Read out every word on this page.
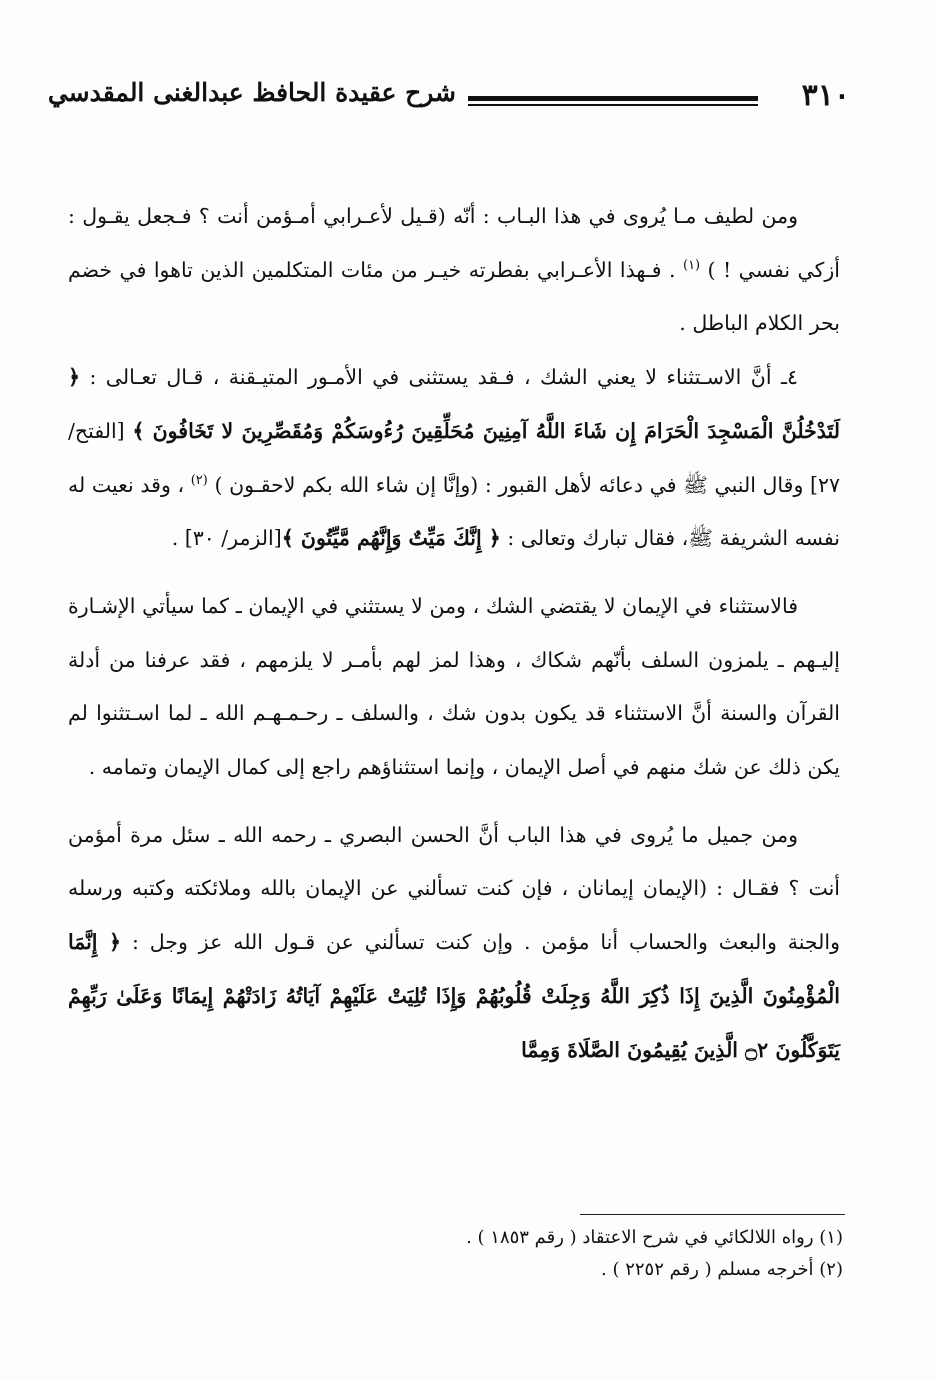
٣١٠
شرح عقيدة الحافظ عبدالغنى المقدسي

ومن لطيف مـا يُروى في هذا البـاب : أنّه (قـيل لأعـرابي أمـؤمن أنت ؟ فـجعل يقـول : أزكي نفسي ! ) $^{(١)}$ . فـهذا الأعـرابي بفطرته خيـر من مئات المتكلمين الذين تاهوا في خضم بحر الكلام الباطل .

٤ـ أنَّ الاسـتثناء لا يعني الشك ، فـقد يستثنى في الأمـور المتيـقنة ، قـال تعـالى : ﴿ لَتَدْخُلُنَّ الْمَسْجِدَ الْحَرَامَ إِن شَاءَ اللَّهُ آمِنِينَ مُحَلِّقِينَ رُءُوسَكُمْ وَمُقَصِّرِينَ لا تَخَافُونَ ﴾ [الفتح/ ٢٧] وقال النبي ﷺ في دعائه لأهل القبور : (وإنَّا إن شاء الله بكم لاحقـون ) $^{(٢)}$ ، وقد نعيت له نفسه الشريفة ﷺ، فقال تبارك وتعالى : ﴿ إِنَّكَ مَيِّتٌ وَإِنَّهُم مَّيِّتُونَ ﴾[الزمر/ ٣٠] .

فالاستثناء في الإيمان لا يقتضي الشك ، ومن لا يستثني في الإيمان ـ كما سيأتي الإشـارة إليـهم ـ يلمزون السلف بأنّهم شكاك ، وهذا لمز لهم بأمـر لا يلزمهم ، فقد عرفنا من أدلة القرآن والسنة أنَّ الاستثناء قد يكون بدون شك ، والسلف ـ رحـمـهـم الله ـ لما اسـتثنوا لم يكن ذلك عن شك منهم في أصل الإيمان ، وإنما استثناؤهم راجع إلى كمال الإيمان وتمامه .

ومن جميل ما يُروى في هذا الباب أنَّ الحسن البصري ـ رحمه الله ـ سئل مرة أمؤمن أنت ؟ فقـال : (الإيمان إيمانان ، فإن كنت تسألني عن الإيمان بالله وملائكته وكتبه ورسله والجنة والبعث والحساب أنا مؤمن . وإن كنت تسألني عن قـول الله عز وجل : ﴿ إِنَّمَا الْمُؤْمِنُونَ الَّذِينَ إِذَا ذُكِرَ اللَّهُ وَجِلَتْ قُلُوبُهُمْ وَإِذَا تُلِيَتْ عَلَيْهِمْ آيَاتُهُ زَادَتْهُمْ إِيمَانًا وَعَلَىٰ رَبِّهِمْ يَتَوَكَّلُونَ ۝٢ الَّذِينَ يُقِيمُونَ الصَّلَاةَ وَمِمَّا

(١) رواه اللالكائي في شرح الاعتقاد ( رقم ١٨٥٣ ) .

(٢) أخرجه مسلم ( رقم ٢٢٥٢ ) .
